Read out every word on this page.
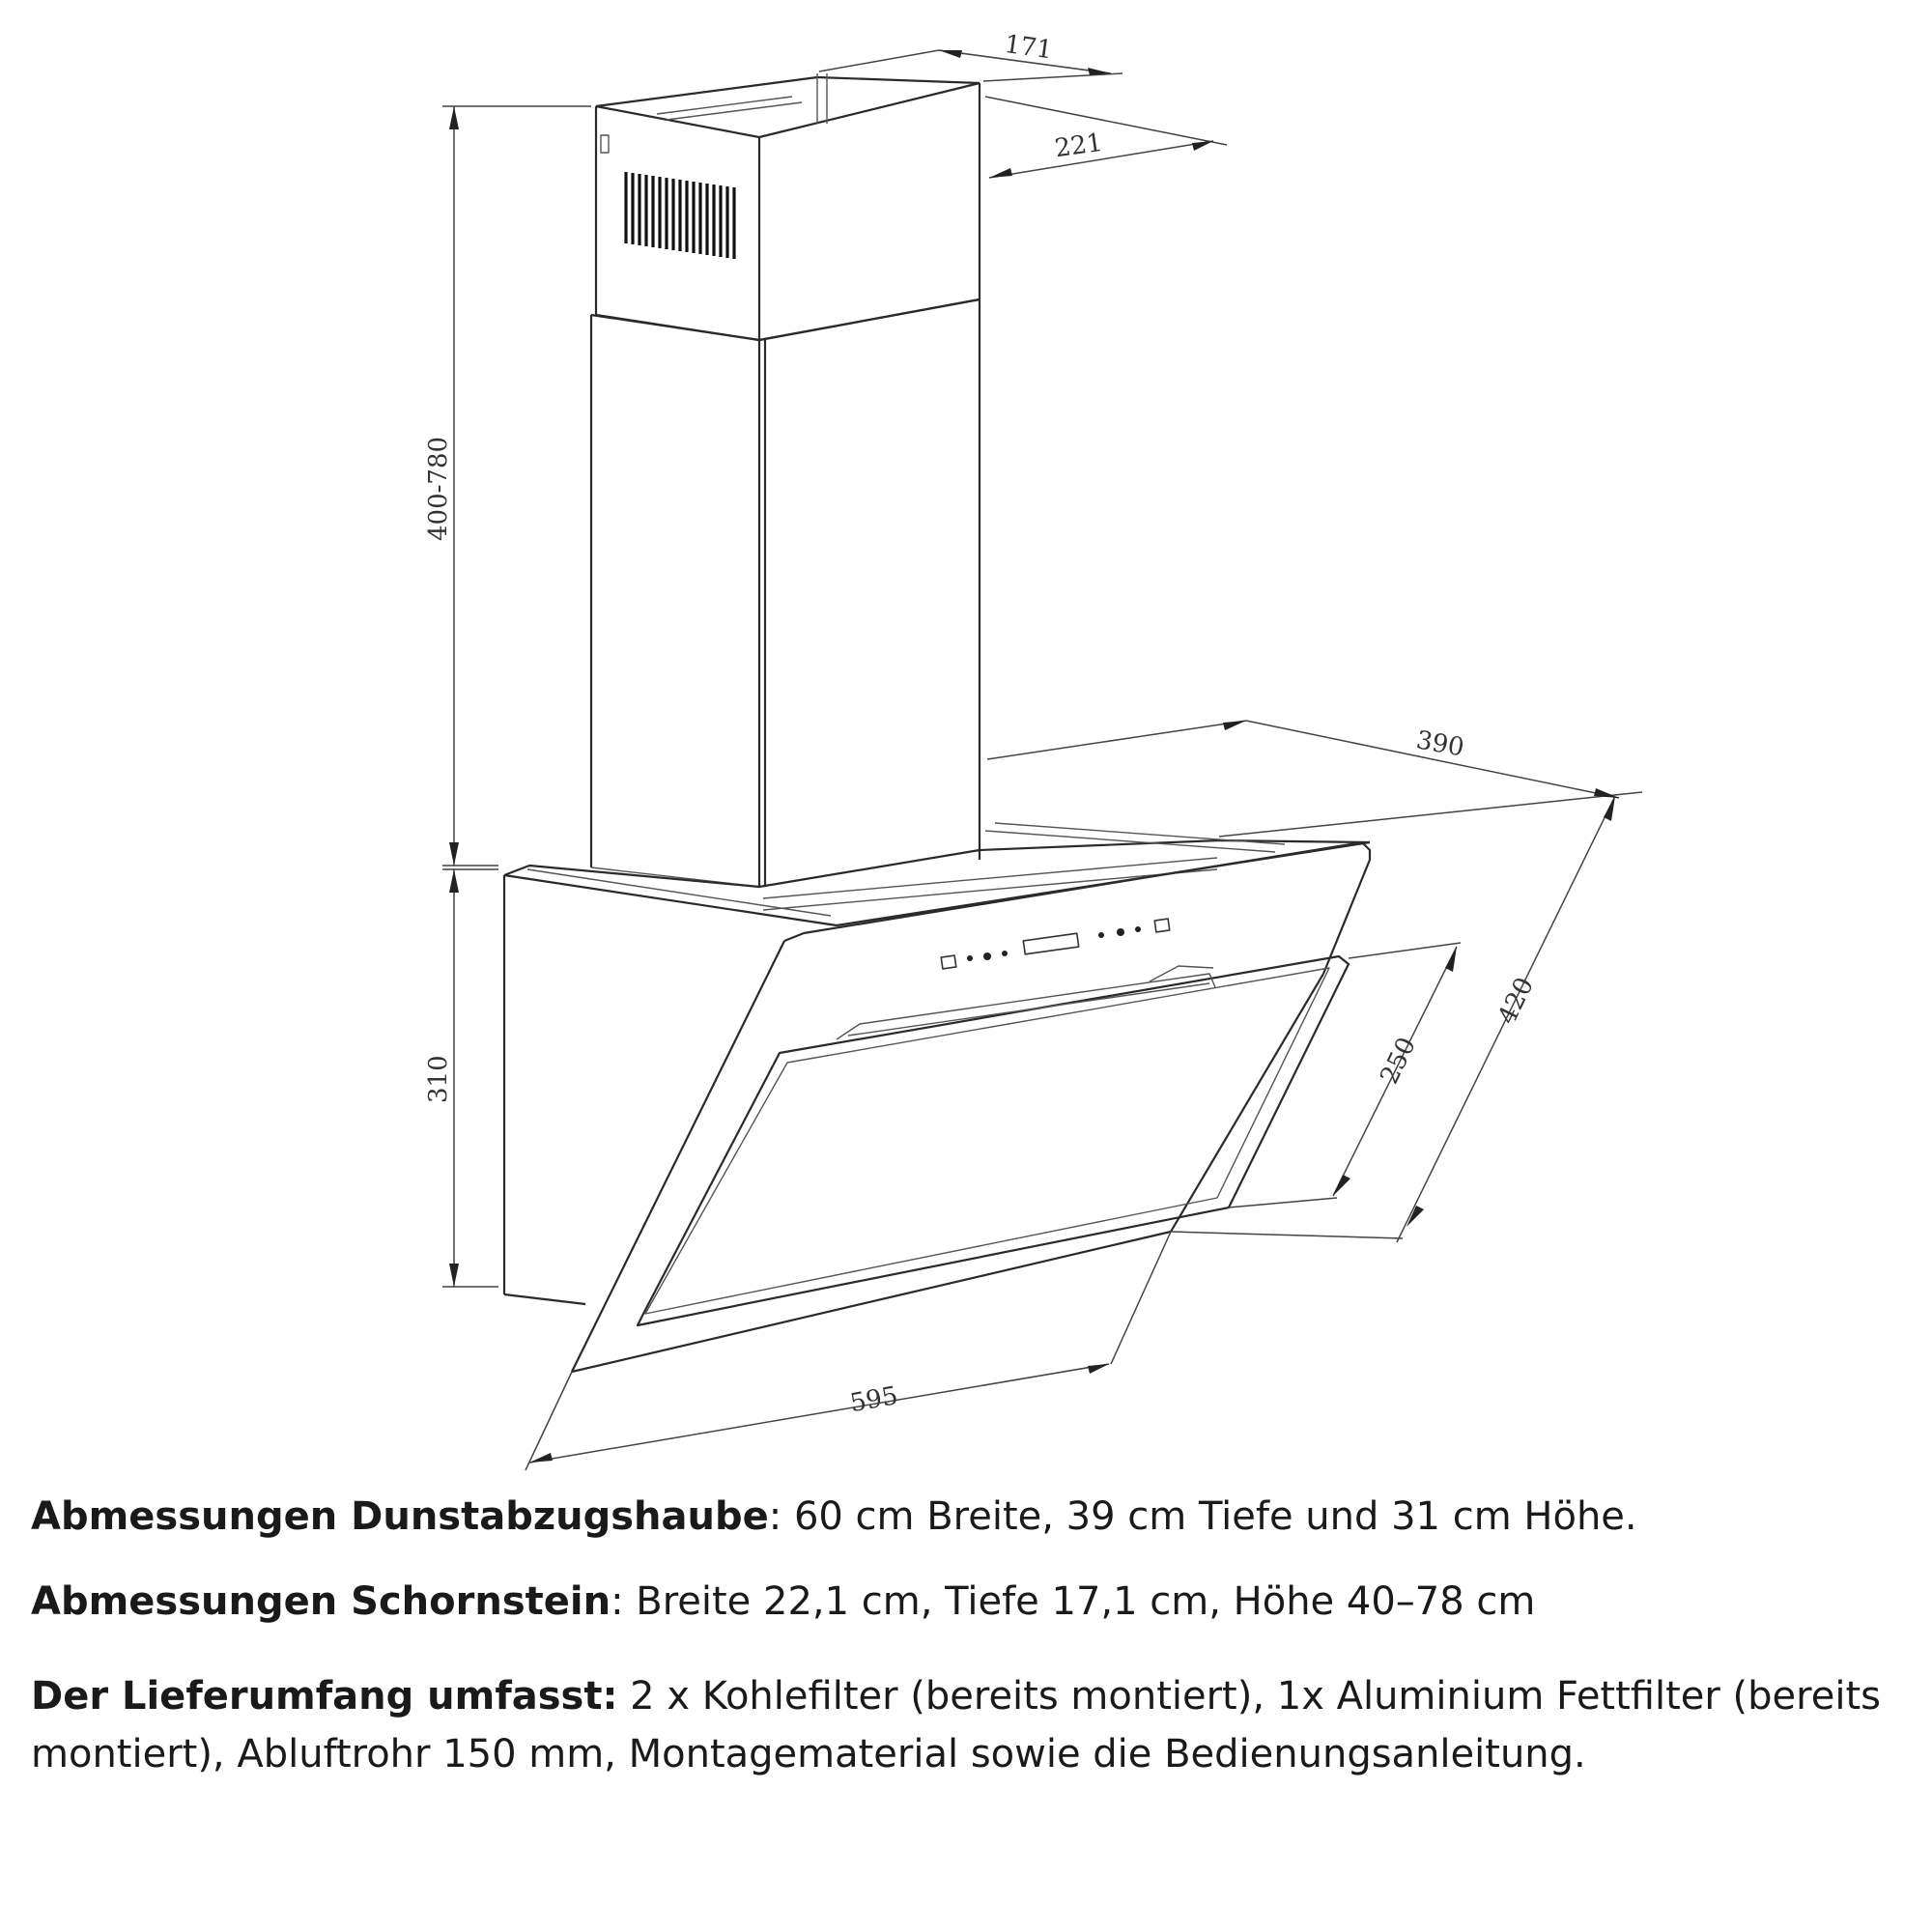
171
221
400-780
310
390
420
250
595

Abmessungen Dunstabzugshaube: 60 cm Breite, 39 cm Tiefe und 31 cm Höhe.

Abmessungen Schornstein: Breite 22,1 cm, Tiefe 17,1 cm, Höhe 40–78 cm

Der Lieferumfang umfasst: 2 x Kohlefilter (bereits montiert), 1x Aluminium Fettfilter (bereits montiert), Abluftrohr 150 mm, Montagematerial sowie die Bedienungsanleitung.
